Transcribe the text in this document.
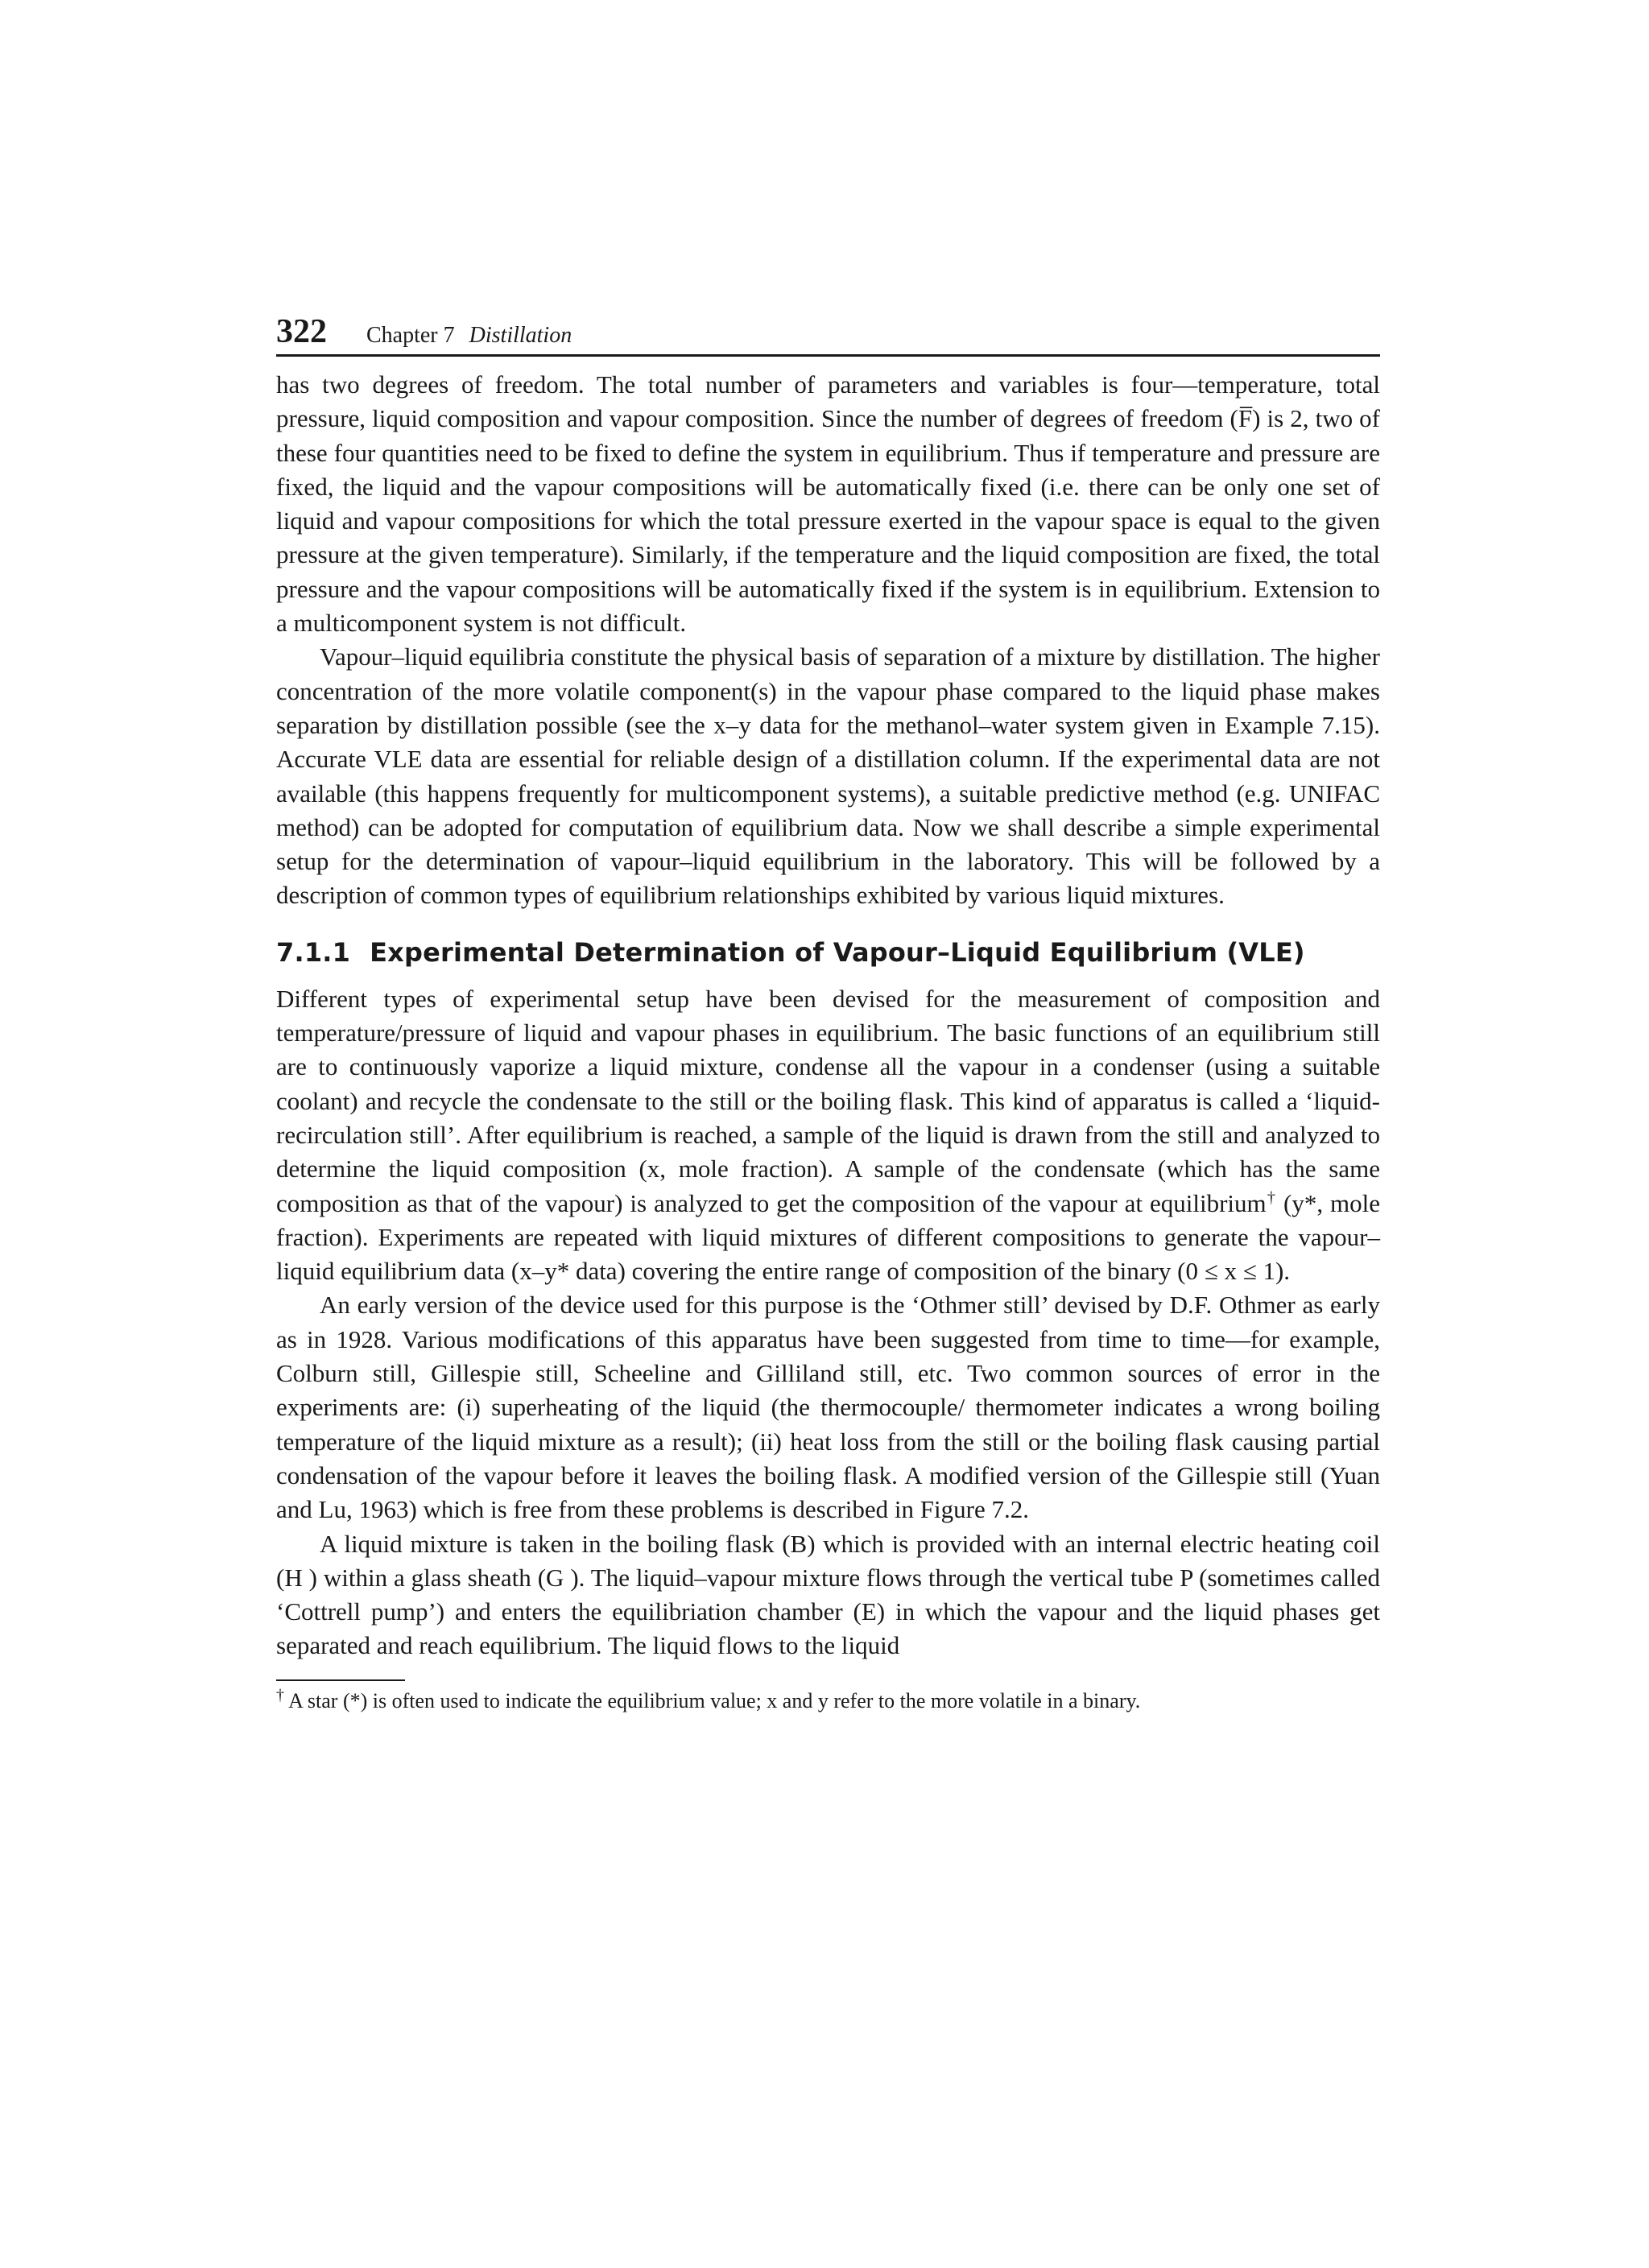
322	Chapter 7 Distillation

has two degrees of freedom. The total number of parameters and variables is four—temperature, total pressure, liquid composition and vapour composition. Since the number of degrees of freedom (F̅) is 2, two of these four quantities need to be fixed to define the system in equilibrium. Thus if temperature and pressure are fixed, the liquid and the vapour compositions will be automatically fixed (i.e. there can be only one set of liquid and vapour compositions for which the total pressure exerted in the vapour space is equal to the given pressure at the given temperature). Similarly, if the temperature and the liquid composition are fixed, the total pressure and the vapour compositions will be automatically fixed if the system is in equilibrium. Extension to a multicomponent system is not difficult.

Vapour–liquid equilibria constitute the physical basis of separation of a mixture by distillation. The higher concentration of the more volatile component(s) in the vapour phase compared to the liquid phase makes separation by distillation possible (see the x–y data for the methanol–water system given in Example 7.15). Accurate VLE data are essential for reliable design of a distillation column. If the experimental data are not available (this happens frequently for multicomponent systems), a suitable predictive method (e.g. UNIFAC method) can be adopted for computation of equilibrium data. Now we shall describe a simple experimental setup for the determination of vapour–liquid equilibrium in the laboratory. This will be followed by a description of common types of equilibrium relationships exhibited by various liquid mixtures.

7.1.1 Experimental Determination of Vapour–Liquid Equilibrium (VLE)

Different types of experimental setup have been devised for the measurement of composition and temperature/pressure of liquid and vapour phases in equilibrium. The basic functions of an equilibrium still are to continuously vaporize a liquid mixture, condense all the vapour in a condenser (using a suitable coolant) and recycle the condensate to the still or the boiling flask. This kind of apparatus is called a ‘liquid-recirculation still’. After equilibrium is reached, a sample of the liquid is drawn from the still and analyzed to determine the liquid composition (x, mole fraction). A sample of the condensate (which has the same composition as that of the vapour) is analyzed to get the composition of the vapour at equilibrium† (y*, mole fraction). Experiments are repeated with liquid mixtures of different compositions to generate the vapour–liquid equilibrium data (x–y* data) covering the entire range of composition of the binary (0 ≤ x ≤ 1).

An early version of the device used for this purpose is the ‘Othmer still’ devised by D.F. Othmer as early as in 1928. Various modifications of this apparatus have been suggested from time to time—for example, Colburn still, Gillespie still, Scheeline and Gilliland still, etc. Two common sources of error in the experiments are: (i) superheating of the liquid (the thermocouple/ thermometer indicates a wrong boiling temperature of the liquid mixture as a result); (ii) heat loss from the still or the boiling flask causing partial condensation of the vapour before it leaves the boiling flask. A modified version of the Gillespie still (Yuan and Lu, 1963) which is free from these problems is described in Figure 7.2.

A liquid mixture is taken in the boiling flask (B) which is provided with an internal electric heating coil (H ) within a glass sheath (G ). The liquid–vapour mixture flows through the vertical tube P (sometimes called ‘Cottrell pump’) and enters the equilibriation chamber (E) in which the vapour and the liquid phases get separated and reach equilibrium. The liquid flows to the liquid

† A star (*) is often used to indicate the equilibrium value; x and y refer to the more volatile in a binary.
